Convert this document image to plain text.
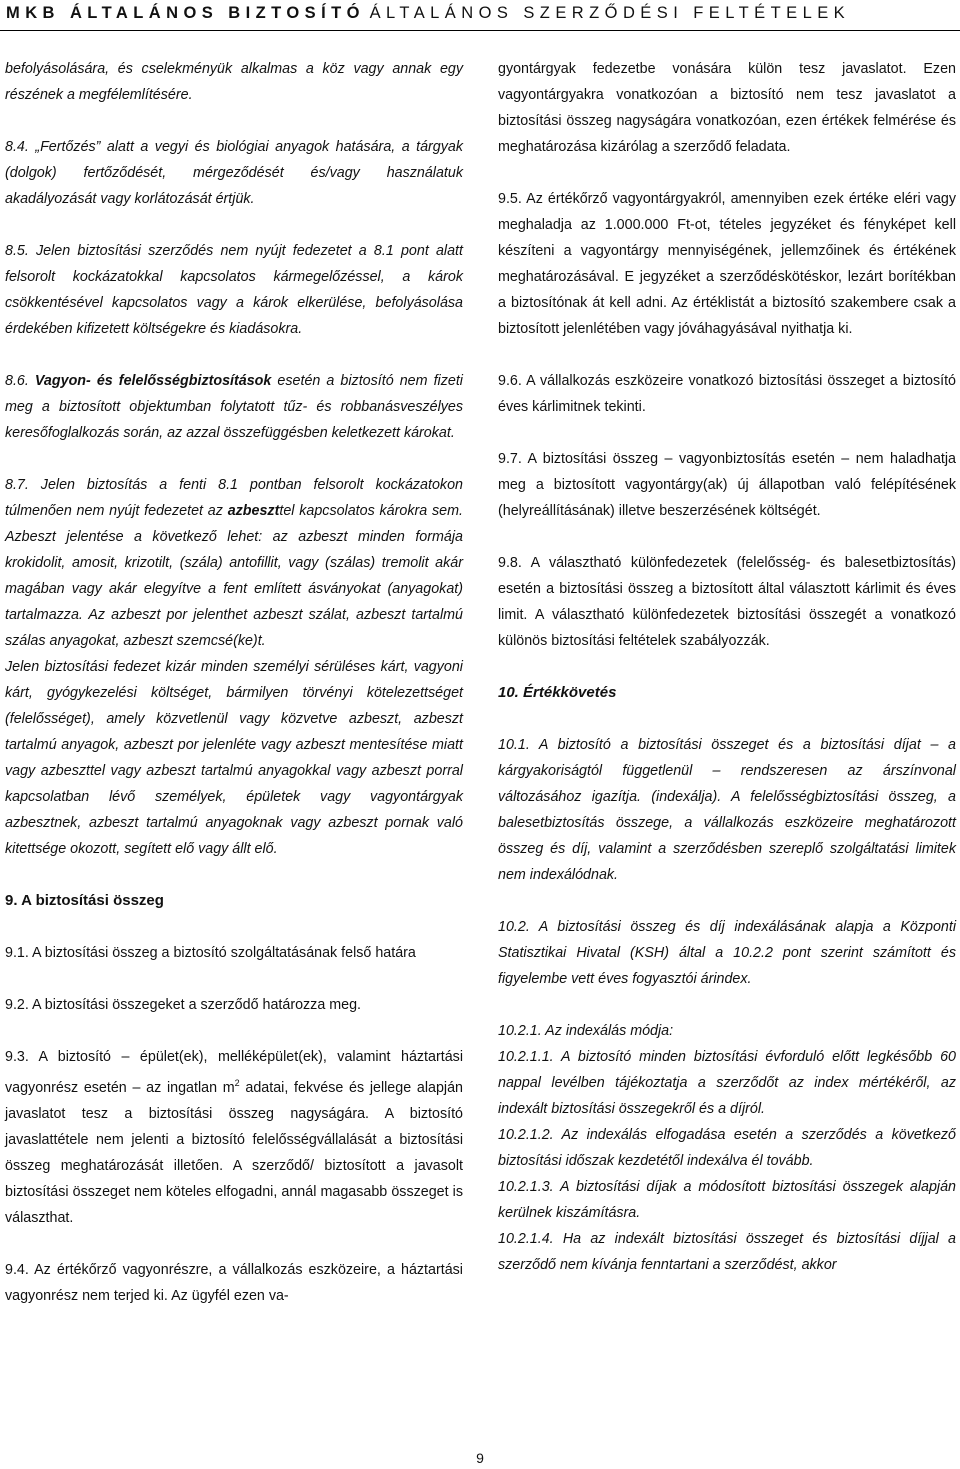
MKB ÁLTALÁNOS BIZTOSÍTÓ ÁLTALÁNOS SZERZŐDÉSI FELTÉTELEK

befolyásolására, és cselekményük alkalmas a köz vagy annak egy részének a megfélemlítésére.

8.4. „Fertőzés” alatt a vegyi és biológiai anyagok hatására, a tárgyak (dolgok) fertőződését, mérgeződését és/vagy használatuk akadályozását vagy korlátozását értjük.

8.5. Jelen biztosítási szerződés nem nyújt fedezetet a 8.1 pont alatt felsorolt kockázatokkal kapcsolatos kármegelőzéssel, a károk csökkentésével kapcsolatos vagy a károk elkerülése, befolyásolása érdekében kifizetett költségekre és kiadásokra.

8.6. Vagyon- és felelősségbiztosítások esetén a biztosító nem fizeti meg a biztosított objektumban folytatott tűz- és robbanásveszélyes keresőfoglalkozás során, az azzal összefüggésben keletkezett károkat.

8.7. Jelen biztosítás a fenti 8.1 pontban felsorolt kockázatokon túlmenően nem nyújt fedezetet az azbeszttel kapcsolatos károkra sem. Azbeszt jelentése a következő lehet: az azbeszt minden formája krokidolit, amosit, krizotilt, (szála) antofillit, vagy (szálas) tremolit akár magában vagy akár elegyítve a fent említett ásványokat (anyagokat) tartalmazza. Az azbeszt por jelenthet azbeszt szálat, azbeszt tartalmú szálas anyagokat, azbeszt szemcsé(ke)t.

Jelen biztosítási fedezet kizár minden személyi sérüléses kárt, vagyoni kárt, gyógykezelési költséget, bármilyen törvényi kötelezettséget (felelősséget), amely közvetlenül vagy közvetve azbeszt, azbeszt tartalmú anyagok, azbeszt por jelenléte vagy azbeszt mentesítése miatt vagy azbeszttel vagy azbeszt tartalmú anyagokkal vagy azbeszt porral kapcsolatban lévő személyek, épületek vagy vagyontárgyak azbesztnek, azbeszt tartalmú anyagoknak vagy azbeszt pornak való kitettsége okozott, segített elő vagy állt elő.

9. A biztosítási összeg

9.1. A biztosítási összeg a biztosító szolgáltatásának felső határa

9.2. A biztosítási összegeket a szerződő határozza meg.

9.3. A biztosító – épület(ek), melléképület(ek), valamint háztartási vagyonrész esetén – az ingatlan $m^2$ adatai, fekvése és jellege alapján javaslatot tesz a biztosítási összeg nagyságára. A biztosító javaslattétele nem jelenti a biztosító felelősségvállalását a biztosítási összeg meghatározását illetően. A szerződő/ biztosított a javasolt biztosítási összeget nem köteles elfogadni, annál magasabb összeget is választhat.

9.4. Az értékőrző vagyonrészre, a vállalkozás eszközeire, a háztartási vagyonrész nem terjed ki. Az ügyfél ezen va-

gyontárgyak fedezetbe vonására külön tesz javaslatot. Ezen vagyontárgyakra vonatkozóan a biztosító nem tesz javaslatot a biztosítási összeg nagyságára vonatkozóan, ezen értékek felmérése és meghatározása kizárólag a szerződő feladata.

9.5. Az értékőrző vagyontárgyakról, amennyiben ezek értéke eléri vagy meghaladja az 1.000.000 Ft-ot, tételes jegyzéket és fényképet kell készíteni a vagyontárgy mennyiségének, jellemzőinek és értékének meghatározásával. E jegyzéket a szerződéskötéskor, lezárt borítékban a biztosítónak át kell adni. Az értéklistát a biztosító szakembere csak a biztosított jelenlétében vagy jóváhagyásával nyithatja ki.

9.6. A vállalkozás eszközeire vonatkozó biztosítási összeget a biztosító éves kárlimitnek tekinti.

9.7. A biztosítási összeg – vagyonbiztosítás esetén – nem haladhatja meg a biztosított vagyontárgy(ak) új állapotban való felépítésének (helyreállításának) illetve beszerzésének költségét.

9.8. A választható különfedezetek (felelősség- és balesetbiztosítás) esetén a biztosítási összeg a biztosított által választott kárlimit és éves limit. A választható különfedezetek biztosítási összegét a vonatkozó különös biztosítási feltételek szabályozzák.

10. Értékkövetés

10.1. A biztosító a biztosítási összeget és a biztosítási díjat – a kárgyakoriságtól függetlenül – rendszeresen az árszínvonal változásához igazítja. (indexálja). A felelősségbiztosítási összeg, a balesetbiztosítás összege, a vállalkozás eszközeire meghatározott összeg és díj, valamint a szerződésben szereplő szolgáltatási limitek nem indexálódnak.

10.2. A biztosítási összeg és díj indexálásának alapja a Központi Statisztikai Hivatal (KSH) által a 10.2.2 pont szerint számított és figyelembe vett éves fogyasztói árindex.

10.2.1. Az indexálás módja:

10.2.1.1. A biztosító minden biztosítási évforduló előtt legkésőbb 60 nappal levélben tájékoztatja a szerződőt az index mértékéről, az indexált biztosítási összegekről és a díjról.

10.2.1.2. Az indexálás elfogadása esetén a szerződés a következő biztosítási időszak kezdetétől indexálva él tovább.

10.2.1.3. A biztosítási díjak a módosított biztosítási összegek alapján kerülnek kiszámításra.

10.2.1.4. Ha az indexált biztosítási összeget és biztosítási díjjal a szerződő nem kívánja fenntartani a szerződést, akkor

9
